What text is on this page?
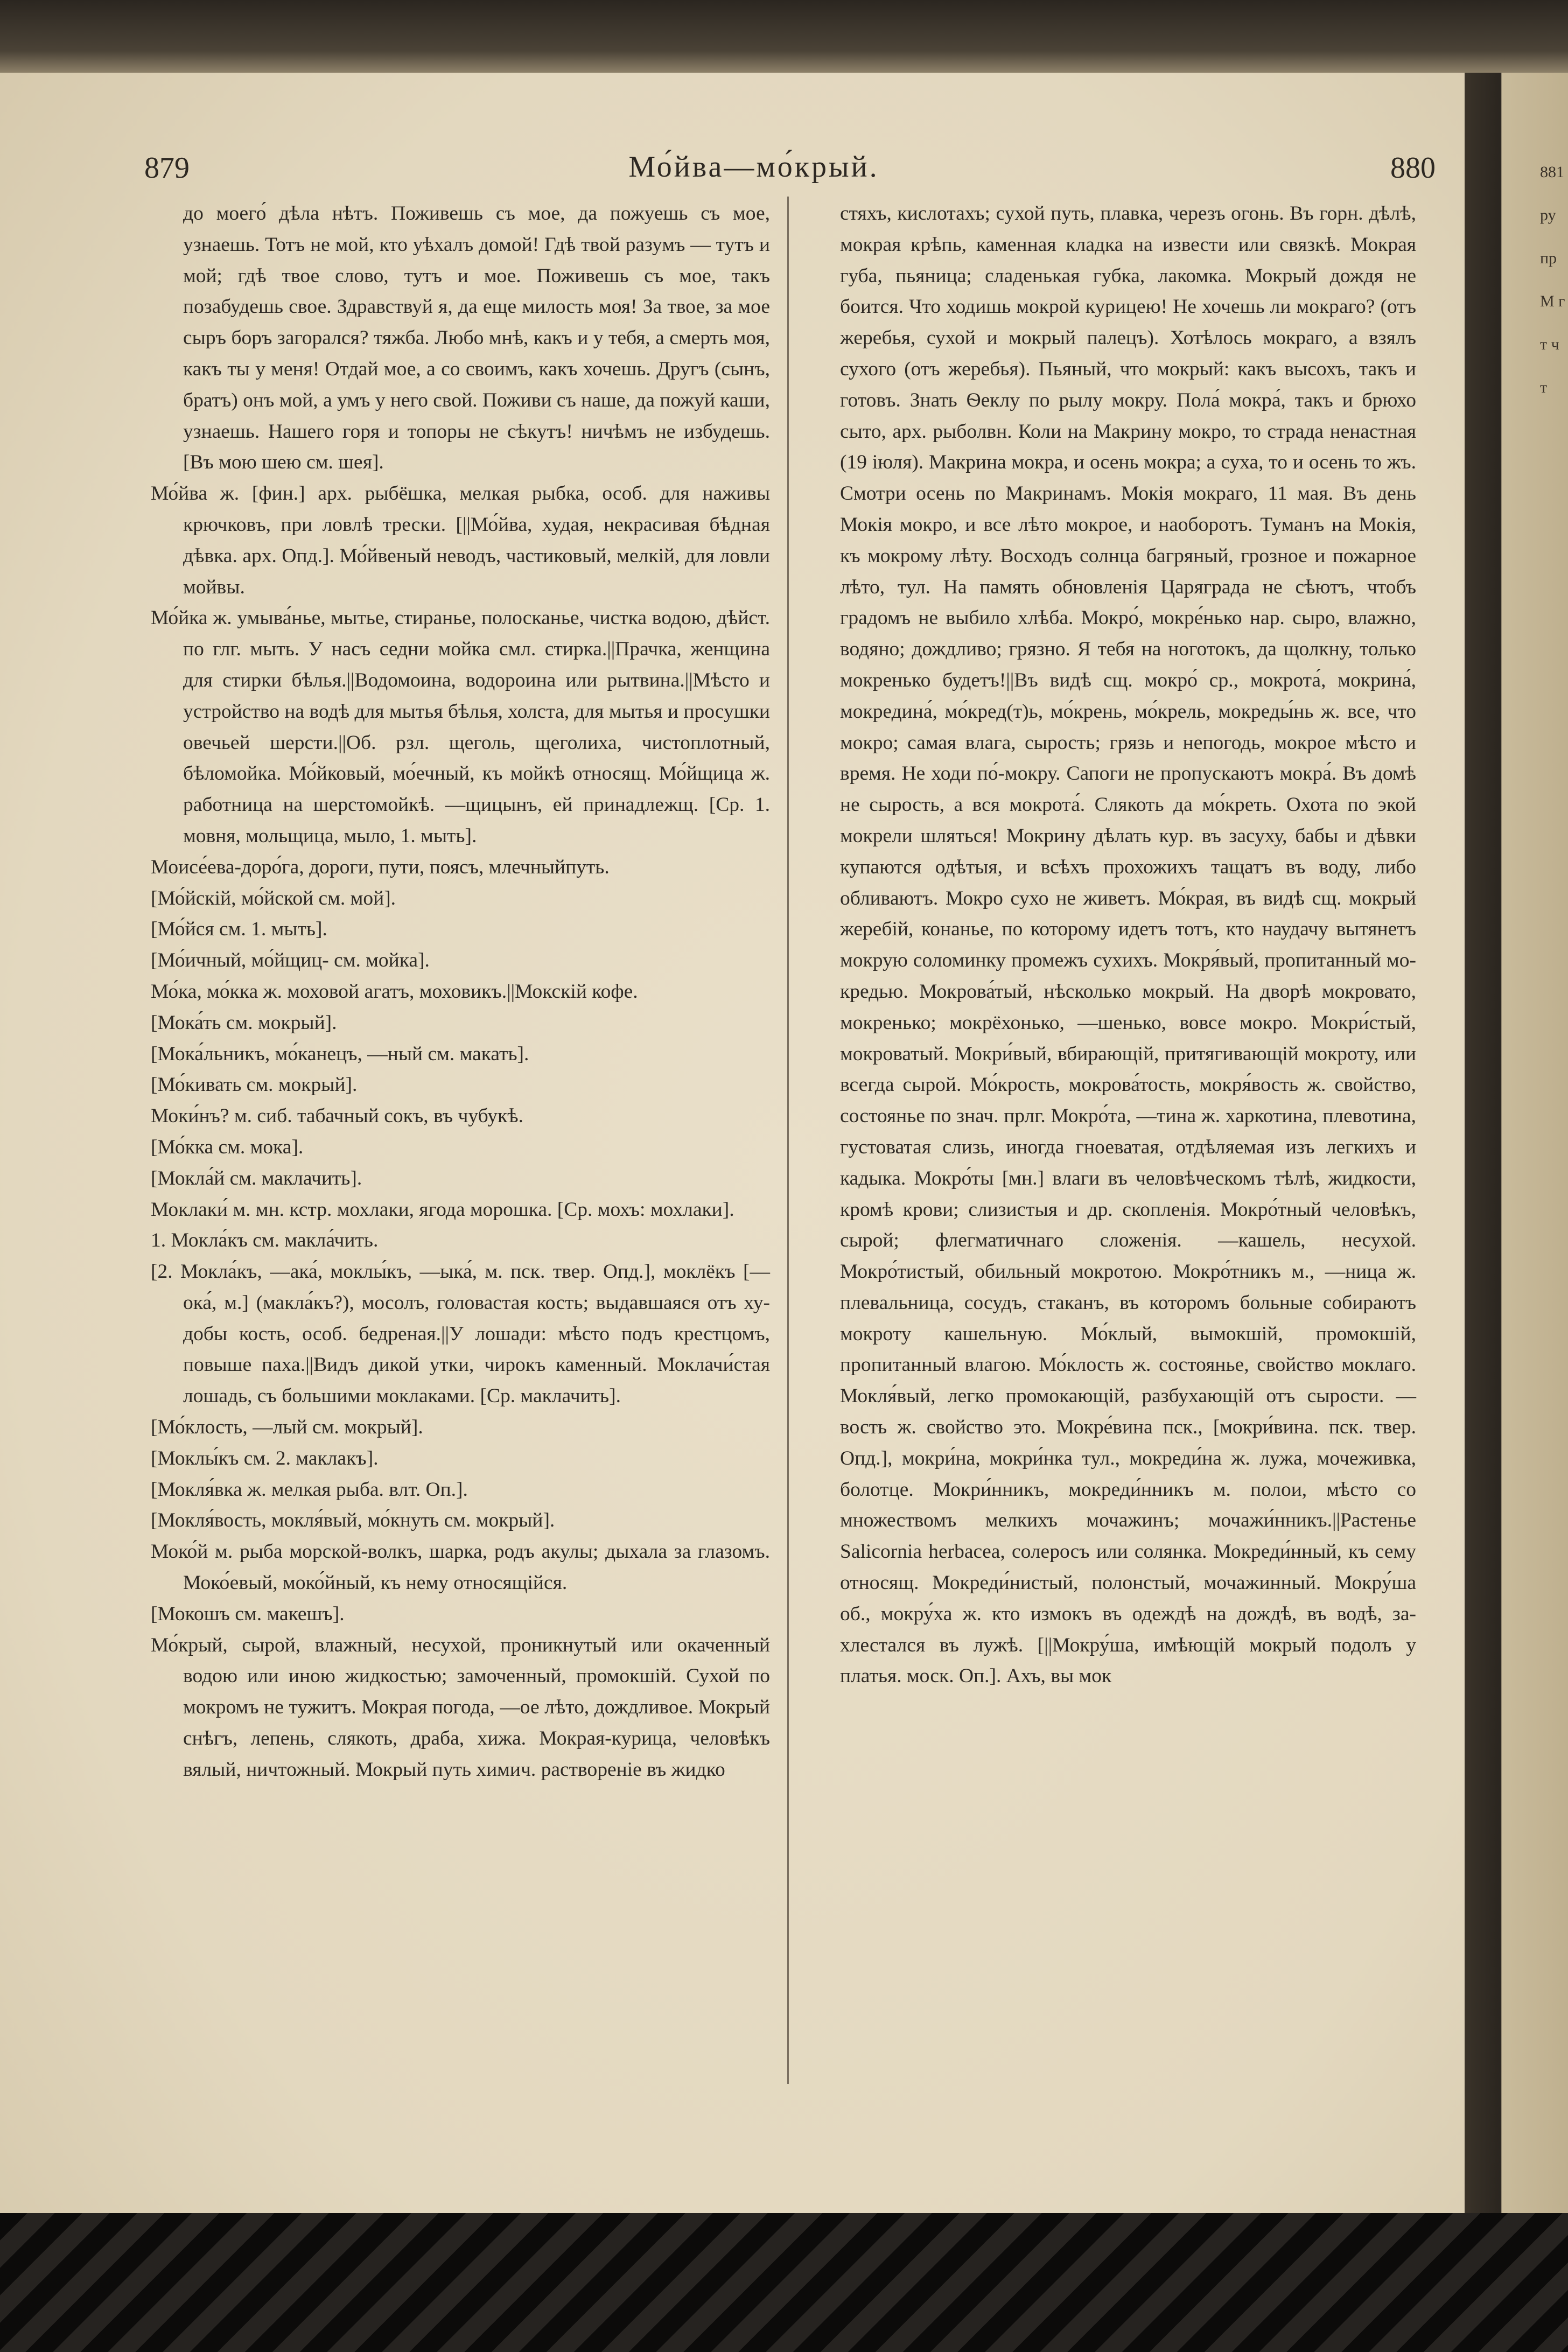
881 ру пр М г т ч т
879	Мо́йва—мо́крый.	880

до моего́ дѣла нѣтъ. Поживешь съ мое, да пожуешь съ мое, узнаешь. Тотъ не мой, кто уѣхалъ домой! Гдѣ твой разумъ — тутъ и мой; гдѣ твое слово, тутъ и мое. Поживешь съ мое, такъ позабудешь свое. Здравствуй я, да еще милость моя! За твое, за мое сыръ боръ загорался? тяжба. Любо мнѣ, какъ и у тебя, а смерть моя, какъ ты у меня! Отдай мое, а со своимъ, какъ хочешь. Другъ (сынъ, братъ) онъ мой, а умъ у него свой. Поживи съ наше, да пожуй каши, узнаешь. Нашего горя и топоры не сѣкутъ! ничѣмъ не избудешь. [Въ мою шею см. шея].

Мо́йва ж. [фин.] арх. рыбёшка, мелкая рыбка, особ. для наживы крючковъ, при ловлѣ трески. [||Мо́йва, худая, некрасивая бѣдная дѣвка. арх. Опд.]. Мо́йвеный неводъ, частиковый, мелкій, для ловли мойвы.

Мо́йка ж. умыва́нье, мытье, стиранье, полосканье, чистка водою, дѣйст. по глг. мыть. У насъ седни мойка смл. стирка.||Прачка, женщина для стирки бѣлья.||Водомоина, водороина или рытвина.||Мѣсто и устройство на водѣ для мытья бѣлья, холста, для мытья и просушки овечьей шерсти.||Об. рзл. щеголь, щеголиха, чистоплотный, бѣломойка. Мо́йковый, мо́ечный, къ мойкѣ относящ. Мо́йщица ж. работница на шерстомойкѣ. —щицынъ, ей принадлежщ. [Ср. 1. мовня, мольщица, мыло, 1. мыть].

Моисе́ева-доро́га, дороги, пути, поясъ, млечныйпуть.

[Мо́йскій, мо́йской см. мой].

[Мо́йся см. 1. мыть].

[Мо́ичный, мо́йщиц- см. мойка].

Мо́ка, мо́кка ж. моховой агатъ, моховикъ.||Мокскій кофе.

[Мока́ть см. мокрый].

[Мока́льникъ, мо́канецъ, —ный см. макать].

[Мо́кивать см. мокрый].

Моки́нъ? м. сиб. табачный сокъ, въ чубукѣ.

[Мо́кка см. мока].

[Мокла́й см. маклачить].

Моклаки́ м. мн. кстр. мохлаки, ягода морошка. [Ср. мохъ: мохлаки].

1. Мокла́къ см. макла́чить.

[2. Мокла́къ, —ака́, моклы́къ, —ыка́, м. пск. твер. Опд.], моклёкъ [—ока́, м.] (макла́къ?), мосолъ, головастая кость; выдавшаяся отъ худобы кость, особ. бедреная.||У лошади: мѣсто подъ крестцомъ, повыше паха.||Видъ дикой утки, чирокъ каменный. Моклачи́стая лошадь, съ большими моклаками. [Ср. маклачить].

[Мо́клость, —лый см. мокрый].

[Моклы́къ см. 2. маклакъ].

[Мокля́вка ж. мелкая рыба. влт. Оп.].

[Мокля́вость, мокля́вый, мо́кнуть см. мокрый].

Моко́й м. рыба морской-волкъ, шарка, родъ акулы; дыхала за глазомъ. Моко́евый, моко́йный, къ нему относящійся.

[Мокошъ см. макешъ].

Мо́крый, сырой, влажный, несухой, проникнутый или окаченный водою или иною жидкостью; замоченный, промокшій. Сухой по мокромъ не тужитъ. Мокрая погода, —ое лѣто, дождливое. Мокрый снѣгъ, лепень, слякоть, драба, хижа. Мокрая-курица, человѣкъ вялый, ничтожный. Мокрый путь химич. раствореніе въ жидко

стяхъ, кислотахъ; сухой путь, плавка, черезъ огонь. Въ горн. дѣлѣ, мокрая крѣпь, каменная кладка на извести или связкѣ. Мокрая губа, пьяница; сладенькая губка, лакомка. Мокрый дождя не боится. Что ходишь мокрой курицею! Не хочешь ли мокраго? (отъ жеребья, сухой и мокрый палецъ). Хотѣлось мокраго, а взялъ сухого (отъ жеребья). Пьяный, что мокрый: какъ высохъ, такъ и готовъ. Знать Ѳеклу по рылу мокру. Пола́ мокра́, такъ и брюхо сыто, арх. рыболвн. Коли на Макрину мокро, то страда ненастная (19 іюля). Макрина мокра, и осень мокра; а суха, то и осень то жъ. Смотри осень по Макринамъ. Мокія мокраго, 11 мая. Въ день Мокія мокро, и все лѣто мокрое, и наоборотъ. Туманъ на Мокія, къ мокрому лѣту. Восходъ солнца багряный, грозное и пожарное лѣто, тул. На память обновленія Царяграда не сѣютъ, чтобъ градомъ не выбило хлѣба. Мокро́, мокре́нько нар. сыро, влажно, водяно; дождливо; грязно. Я тебя на ноготокъ, да щолкну, только мокренько будетъ!||Въ видѣ сщ. мокро́ ср., мокрота́, мокрина́, мокредина́, мо́кред(т)ь, мо́крень, мо́крель, мокреды́нь ж. все, что мокро; самая влага, сырость; грязь и непогодь, мокрое мѣсто и время. Не ходи по́-мокру. Сапоги не пропускаютъ мокра́. Въ домѣ не сырость, а вся мокрота́. Слякоть да мо́креть. Охота по экой мокрели шляться! Мокрину дѣлать кур. въ засуху, бабы и дѣвки купаются одѣтыя, и всѣхъ прохожихъ тащатъ въ воду, либо обливаютъ. Мокро сухо не живетъ. Мо́края, въ видѣ сщ. мокрый жеребій, конанье, по которому идетъ тотъ, кто наудачу вытянетъ мокрую соломинку промежъ сухихъ. Мокря́вый, пропитанный мокредью. Мокрова́тый, нѣсколько мокрый. На дворѣ мокровато, мокренько; мокрёхонько, —шенько, вовсе мокро. Мокри́стый, мокроватый. Мокри́вый, вбирающій, притягивающій мокроту, или всегда сырой. Мо́крость, мокрова́тость, мокря́вость ж. свойство, состоянье по знач. прлг. Мокро́та, —тина ж. харкотина, плевотина, густоватая слизь, иногда гноеватая, отдѣляемая изъ легкихъ и кадыка. Мокро́ты [мн.] влаги въ человѣческомъ тѣлѣ, жидкости, кромѣ крови; слизистыя и др. скопленія. Мокро́тный человѣкъ, сырой; флегматичнаго сложенія. —кашель, несухой. Мокро́тистый, обильный мокротою. Мокро́тникъ м., —ница ж. плевальница, сосудъ, стаканъ, въ которомъ больные собираютъ мокроту кашельную. Мо́клый, вымокшій, промокшій, пропитанный влагою. Мо́клость ж. состоянье, свойство моклаго. Мокля́вый, легко промокающій, разбухающій отъ сырости. —вость ж. свойство это. Мокре́вина пск., [мокри́вина. пск. твер. Опд.], мокри́на, мокри́нка тул., мокреди́на ж. лужа, мочеживка, болотце. Мокри́нникъ, мокреди́нникъ м. полои, мѣсто со множествомъ мелкихъ мочажинъ; мочажи́нникъ.||Растенье Salicornia herbacea, солеросъ или солянка. Мокреди́нный, къ сему относящ. Мокреди́нистый, полонстый, мочажинный. Мокру́ша об., мокру́ха ж. кто измокъ въ одеждѣ на дождѣ, въ водѣ, захлестался въ лужѣ. [||Мокру́ша, имѣющій мокрый подолъ у платья. моск. Оп.]. Ахъ, вы мок
